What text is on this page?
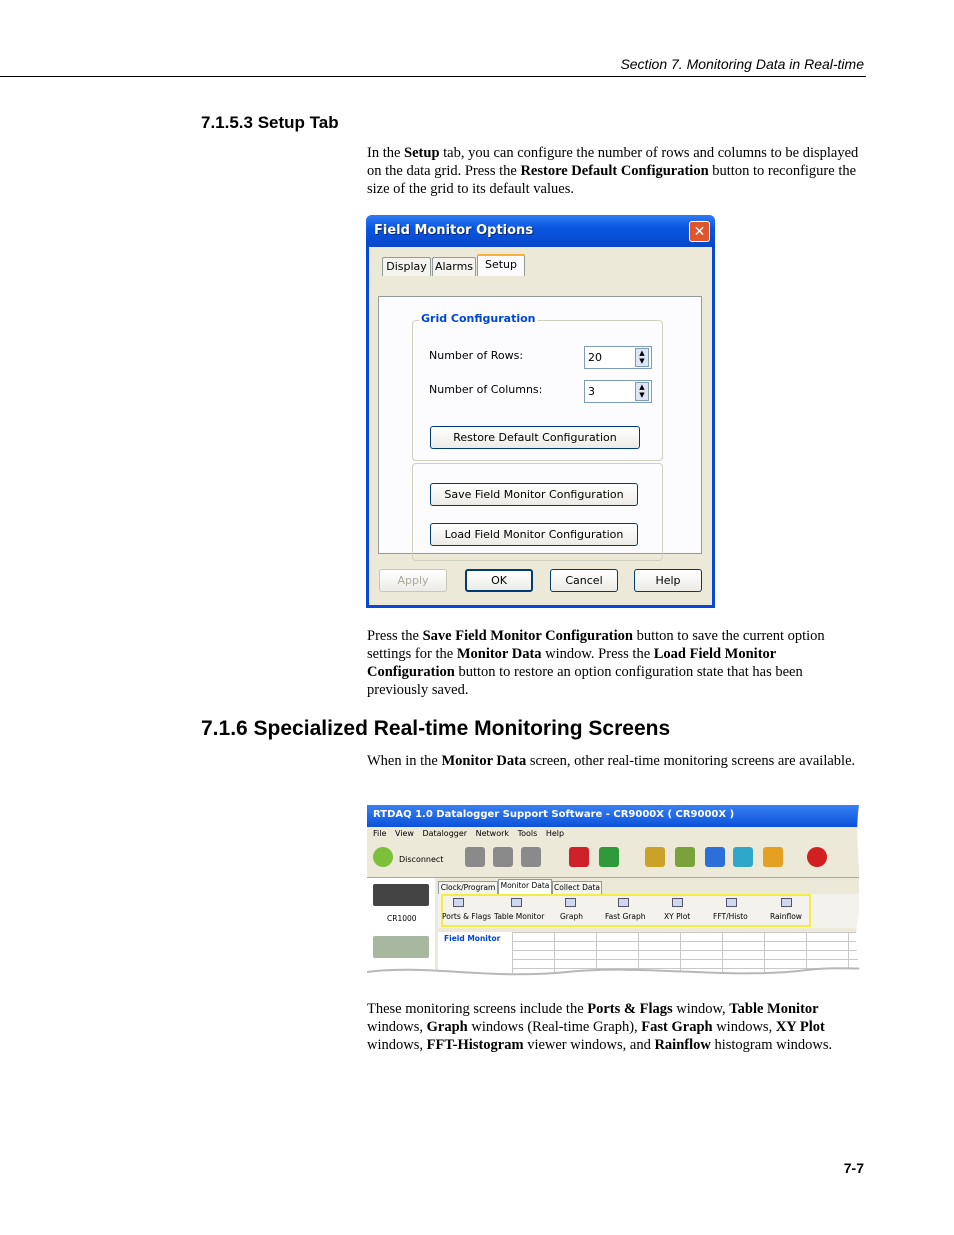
Section 7. Monitoring Data in Real-time
7.1.5.3 Setup Tab
In the Setup tab, you can configure the number of rows and columns to be displayed on the data grid. Press the Restore Default Configuration button to reconfigure the size of the grid to its default values.
Field Monitor Options	✕
Display Alarms	Setup
Grid Configuration
Number of Rows:	20	▲
▼
Number of Columns:	3	▲
▼
Restore Default Configuration
Save Field Monitor Configuration
Load Field Monitor Configuration
Apply	OK	Cancel	Help
Press the Save Field Monitor Configuration button to save the current option settings for the Monitor Data window. Press the Load Field Monitor Configuration button to restore an option configuration state that has been previously saved.
7.1.6 Specialized Real-time Monitoring Screens
When in the Monitor Data screen, other real-time monitoring screens are available.
RTDAQ 1.0 Datalogger Support Software - CR9000X ( CR9000X )
File View Datalogger Network Tools Help
Disconnect
CR1000
Clock/Program Monitor Data Collect Data
Ports & Flags Table Monitor Graph	Fast Graph XY Plot	FFT/Histo	Rainflow
Field Monitor
These monitoring screens include the Ports & Flags window, Table Monitor windows, Graph windows (Real-time Graph), Fast Graph windows, XY Plot windows, FFT-Histogram viewer windows, and Rainflow histogram windows.
7-7
